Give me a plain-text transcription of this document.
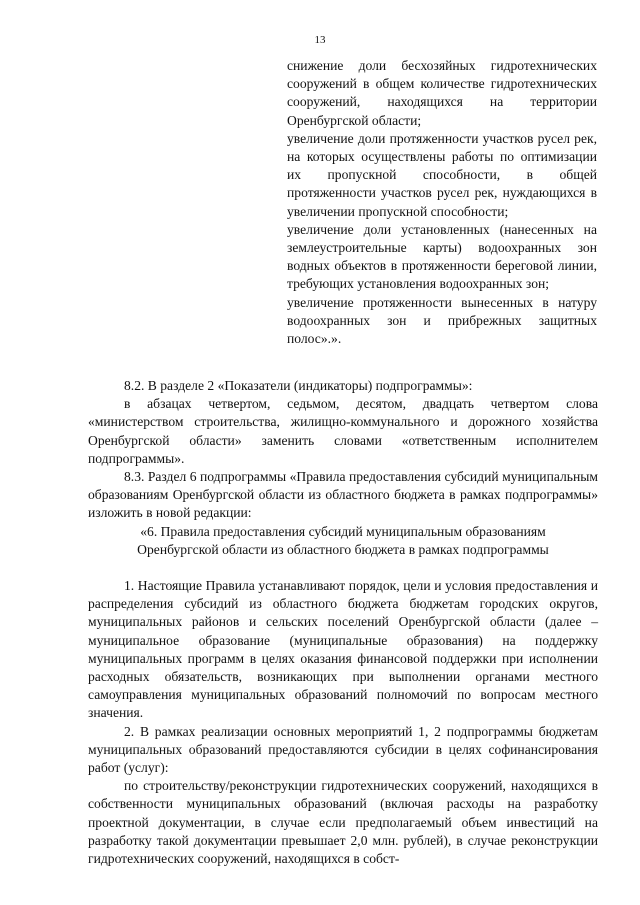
13

снижение доли бесхозяйных гидротехнических сооружений в общем количестве гидротехнических сооружений, находящихся на территории Оренбургской области;

увеличение доли протяженности участков русел рек, на которых осуществлены работы по оптимизации их пропускной способности, в общей протяженности участков русел рек, нуждающихся в увеличении пропускной способности;

увеличение доли установленных (нанесенных на землеустроительные карты) водоохранных зон водных объектов в протяженности береговой линии, требующих установления водоохранных зон;

увеличение протяженности вынесенных в натуру водоохранных зон и прибрежных защитных полос».».

8.2. В разделе 2 «Показатели (индикаторы) подпрограммы»:

в абзацах четвертом, седьмом, десятом, двадцать четвертом слова «министерством строительства, жилищно-коммунального и дорожного хозяйства Оренбургской области» заменить словами «ответственным исполнителем подпрограммы».

8.3. Раздел 6 подпрограммы «Правила предоставления субсидий муниципальным образованиям Оренбургской области из областного бюджета в рамках подпрограммы» изложить в новой редакции:

«6. Правила предоставления субсидий муниципальным образованиям

Оренбургской области из областного бюджета в рамках подпрограммы

1. Настоящие Правила устанавливают порядок, цели и условия предоставления и распределения субсидий из областного бюджета бюджетам городских округов, муниципальных районов и сельских поселений Оренбургской области (далее – муниципальное образование (муниципальные образования) на поддержку муниципальных программ в целях оказания финансовой поддержки при исполнении расходных обязательств, возникающих при выполнении органами местного самоуправления муниципальных образований полномочий по вопросам местного значения.

2. В рамках реализации основных мероприятий 1, 2 подпрограммы бюджетам муниципальных образований предоставляются субсидии в целях софинансирования работ (услуг):

по строительству/реконструкции гидротехнических сооружений, находящихся в собственности муниципальных образований (включая расходы на разработку проектной документации, в случае если предполагаемый объем инвестиций на разработку такой документации превышает 2,0 млн. рублей), в случае реконструкции гидротехнических сооружений, находящихся в собст-
